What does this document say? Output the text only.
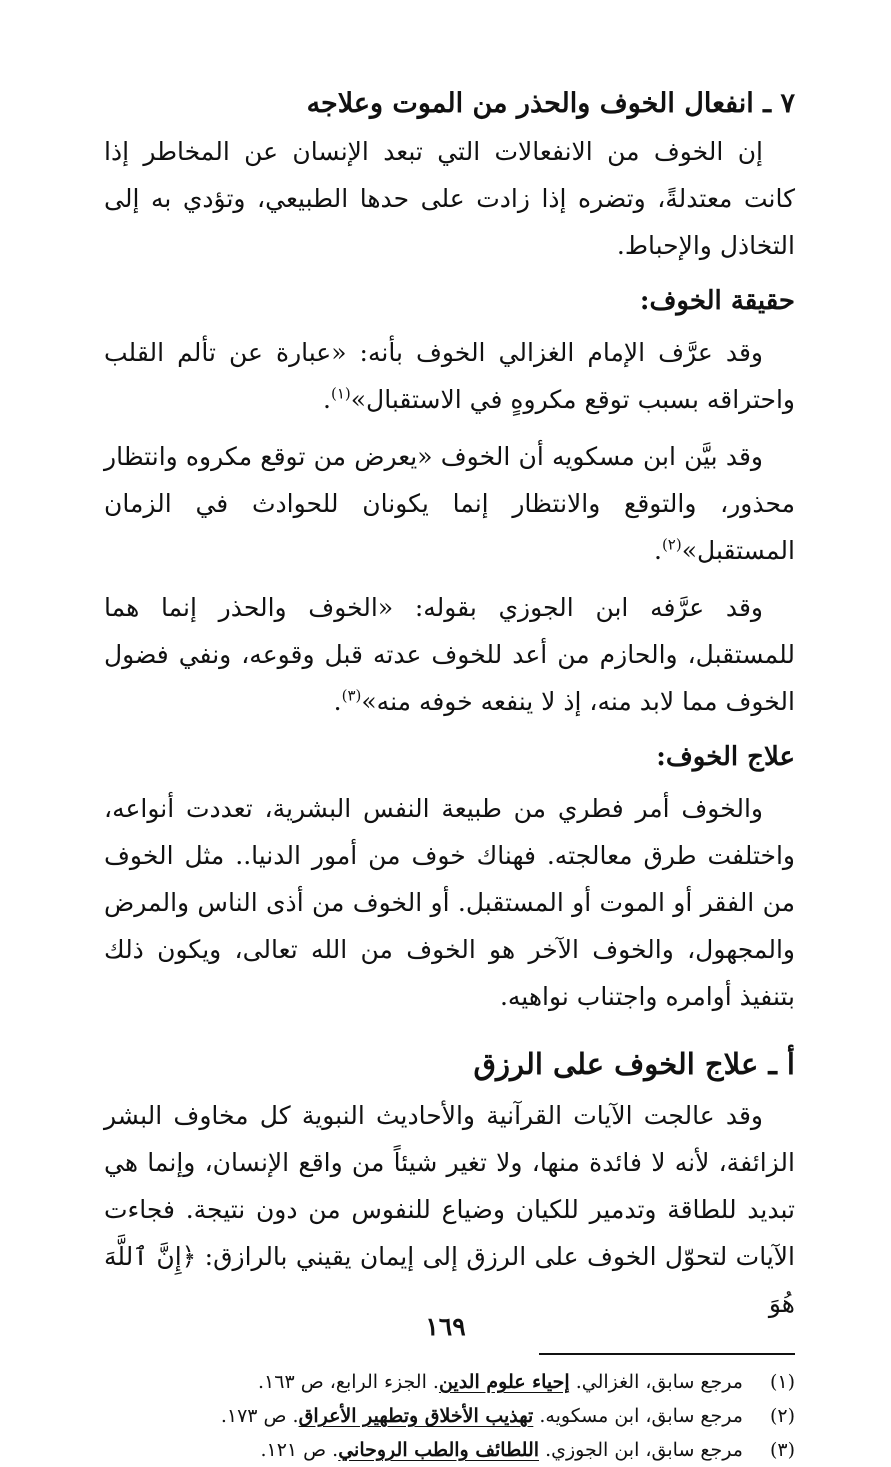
٧ ـ انفعال الخوف والحذر من الموت وعلاجه

إن الخوف من الانفعالات التي تبعد الإنسان عن المخاطر إذا كانت معتدلةً، وتضره إذا زادت على حدها الطبيعي، وتؤدي به إلى التخاذل والإحباط.

حقيقة الخوف:

وقد عرَّف الإمام الغزالي الخوف بأنه: «عبارة عن تألم القلب واحتراقه بسبب توقع مكروهٍ في الاستقبال»$^{(١)}$.

وقد بيَّن ابن مسكويه أن الخوف «يعرض من توقع مكروه وانتظار محذور، والتوقع والانتظار إنما يكونان للحوادث في الزمان المستقبل»$^{(٢)}$.

وقد عرَّفه ابن الجوزي بقوله: «الخوف والحذر إنما هما للمستقبل، والحازم من أعد للخوف عدته قبل وقوعه، ونفي فضول الخوف مما لابد منه، إذ لا ينفعه خوفه منه»$^{(٣)}$.

علاج الخوف:

والخوف أمر فطري من طبيعة النفس البشرية، تعددت أنواعه، واختلفت طرق معالجته. فهناك خوف من أمور الدنيا.. مثل الخوف من الفقر أو الموت أو المستقبل. أو الخوف من أذى الناس والمرض والمجهول، والخوف الآخر هو الخوف من الله تعالى، ويكون ذلك بتنفيذ أوامره واجتناب نواهيه.

أ ـ علاج الخوف على الرزق

وقد عالجت الآيات القرآنية والأحاديث النبوية كل مخاوف البشر الزائفة، لأنه لا فائدة منها، ولا تغير شيئاً من واقع الإنسان، وإنما هي تبديد للطاقة وتدمير للكيان وضياع للنفوس من دون نتيجة. فجاءت الآيات لتحوّل الخوف على الرزق إلى إيمان يقيني بالرازق: ﴿إِنَّ ٱللَّهَ هُوَ

(١) مرجع سابق، الغزالي. إحياء علوم الدين. الجزء الرابع، ص ١٦٣.
(٢) مرجع سابق، ابن مسكويه. تهذيب الأخلاق وتطهير الأعراق. ص ١٧٣.
(٣) مرجع سابق، ابن الجوزي. اللطائف والطب الروحاني. ص ١٢١.
١٦٩
